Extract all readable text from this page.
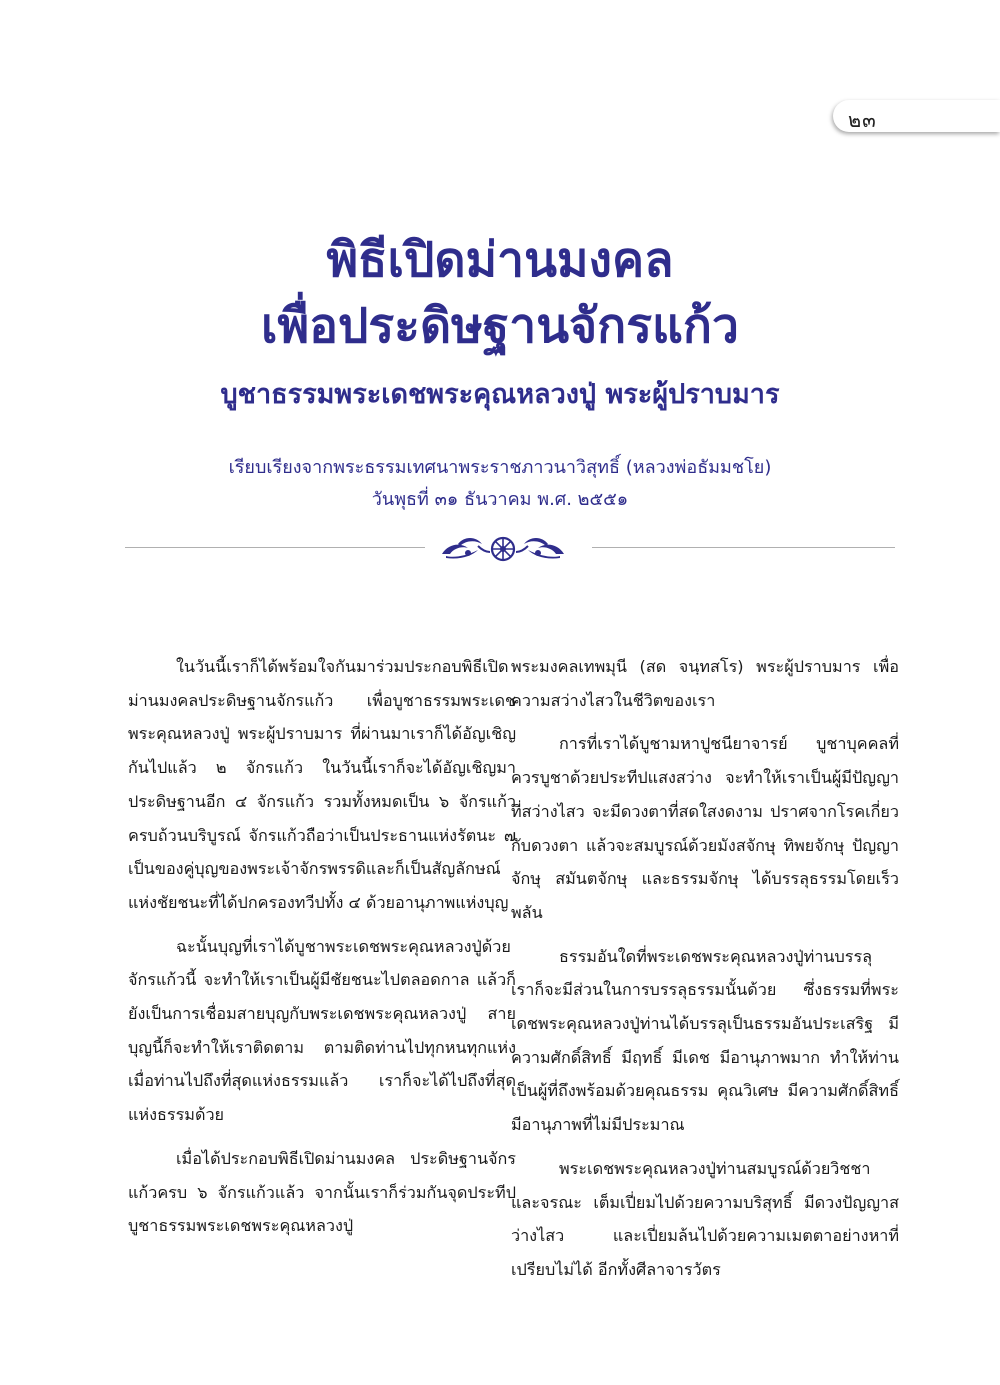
๒๓
พิธีเปิดม่านมงคล
เพื่อประดิษฐานจักรแก้ว
บูชาธรรมพระเดชพระคุณหลวงปู่ พระผู้ปราบมาร
เรียบเรียงจากพระธรรมเทศนาพระราชภาวนาวิสุทธิ์ (หลวงพ่อธัมมชโย)
วันพุธที่ ๓๑ ธันวาคม พ.ศ. ๒๕๕๑

ในวันนี้เราก็ได้พร้อมใจกันมาร่วมประกอบพิธีเปิดม่านมงคลประดิษฐานจักรแก้ว เพื่อบูชาธรรมพระเดชพระคุณหลวงปู่ พระผู้ปราบมาร ที่ผ่านมาเราก็ได้อัญเชิญกันไปแล้ว ๒ จักรแก้ว ในวันนี้เราก็จะได้อัญเชิญมาประดิษฐานอีก ๔ จักรแก้ว รวมทั้งหมดเป็น ๖ จักรแก้ว ครบถ้วนบริบูรณ์ จักรแก้วถือว่าเป็นประธานแห่งรัตนะ ๗ เป็นของคู่บุญของพระเจ้าจักรพรรดิและก็เป็นสัญลักษณ์แห่งชัยชนะที่ได้ปกครองทวีปทั้ง ๔ ด้วยอานุภาพแห่งบุญ

ฉะนั้นบุญที่เราได้บูชาพระเดชพระคุณหลวงปู่ด้วยจักรแก้วนี้ จะทำให้เราเป็นผู้มีชัยชนะไปตลอดกาล แล้วก็ยังเป็นการเชื่อมสายบุญกับพระเดชพระคุณหลวงปู่ สายบุญนี้ก็จะทำให้เราติดตาม ตามติดท่านไปทุกหนทุกแห่ง เมื่อท่านไปถึงที่สุดแห่งธรรมแล้ว เราก็จะได้ไปถึงที่สุดแห่งธรรมด้วย

เมื่อได้ประกอบพิธีเปิดม่านมงคล ประดิษฐานจักรแก้วครบ ๖ จักรแก้วแล้ว จากนั้นเราก็ร่วมกันจุดประทีปบูชาธรรมพระเดชพระคุณหลวงปู่

พระมงคลเทพมุนี (สด จนฺทสโร) พระผู้ปราบมาร เพื่อความสว่างไสวในชีวิตของเรา

การที่เราได้บูชามหาปูชนียาจารย์ บูชาบุคคลที่ควรบูชาด้วยประทีปแสงสว่าง จะทำให้เราเป็นผู้มีปัญญาที่สว่างไสว จะมีดวงตาที่สดใสงดงาม ปราศจากโรคเกี่ยวกับดวงตา แล้วจะสมบูรณ์ด้วยมังสจักษุ ทิพยจักษุ ปัญญาจักษุ สมันตจักษุ และธรรมจักษุ ได้บรรลุธรรมโดยเร็วพลัน

ธรรมอันใดที่พระเดชพระคุณหลวงปู่ท่านบรรลุ เราก็จะมีส่วนในการบรรลุธรรมนั้นด้วย ซึ่งธรรมที่พระเดชพระคุณหลวงปู่ท่านได้บรรลุเป็นธรรมอันประเสริฐ มีความศักดิ์สิทธิ์ มีฤทธิ์ มีเดช มีอานุภาพมาก ทำให้ท่านเป็นผู้ที่ถึงพร้อมด้วยคุณธรรม คุณวิเศษ มีความศักดิ์สิทธิ์ มีอานุภาพที่ไม่มีประมาณ

พระเดชพระคุณหลวงปู่ท่านสมบูรณ์ด้วยวิชชาและจรณะ เต็มเปี่ยมไปด้วยความบริสุทธิ์ มีดวงปัญญาสว่างไสว และเปี่ยมล้นไปด้วยความเมตตาอย่างหาที่เปรียบไม่ได้ อีกทั้งศีลาจารวัตร
